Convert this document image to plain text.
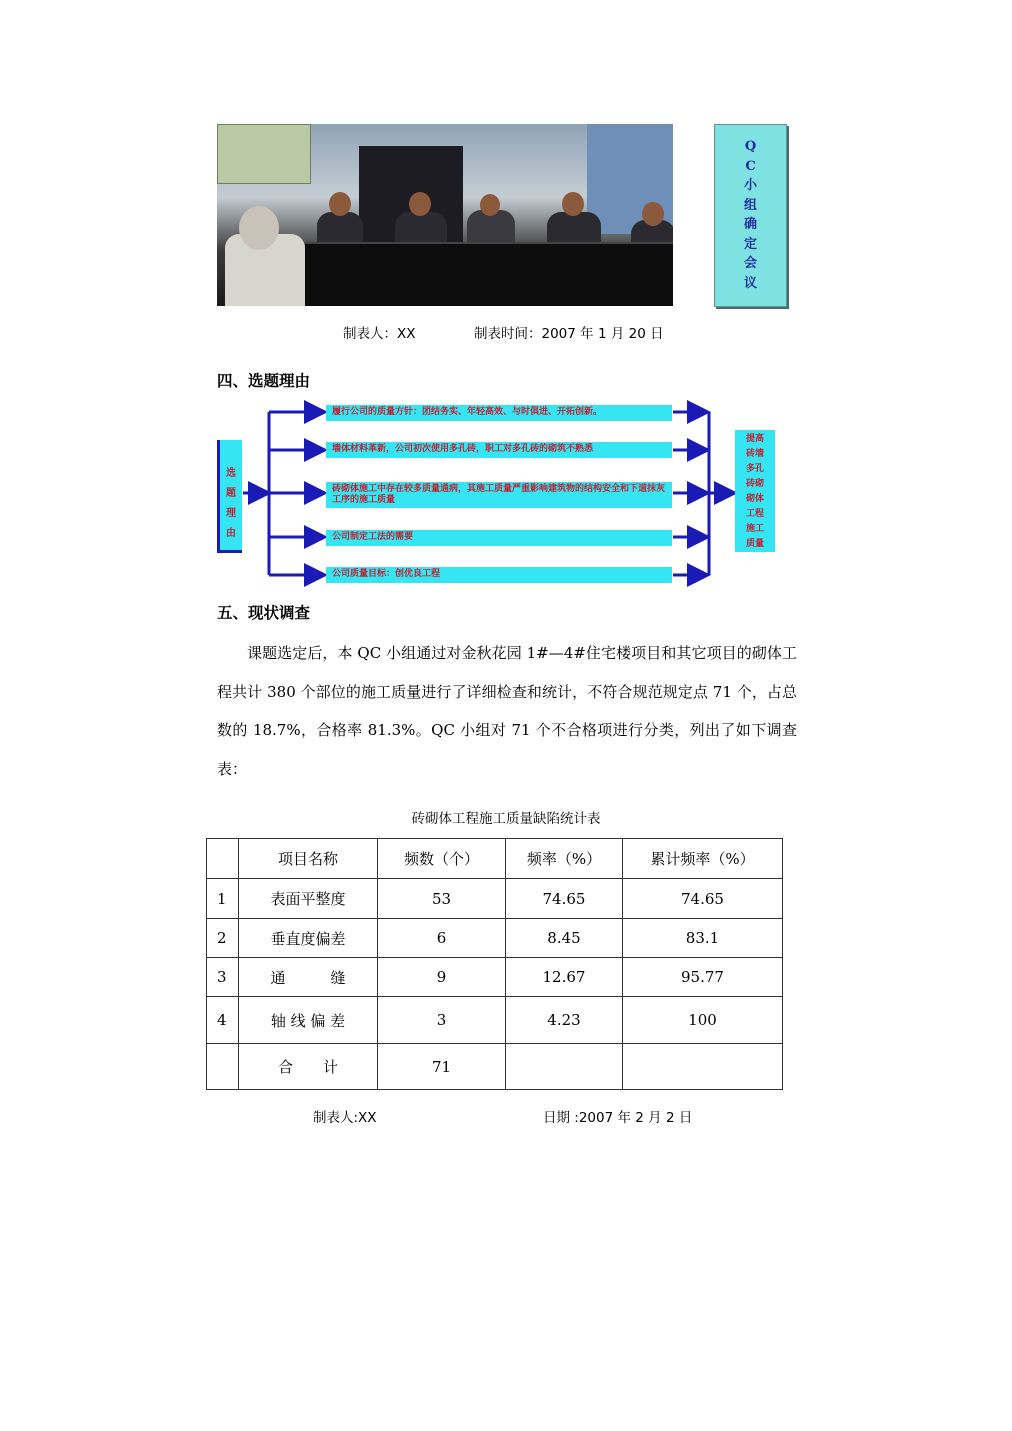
Q
C
小
组
确
定
会
议
制表人：XX	制表时间：2007 年 1 月 20 日
四、选题理由
选
题
理
由
履行公司的质量方针：团结务实、年轻高效、与时俱进、开拓创新。
墙体材料革新，公司初次使用多孔砖，职工对多孔砖的砌筑不熟悉
砖砌体施工中存在较多质量通病，其施工质量严重影响建筑物的结构安全和下道抹灰工序的施工质量
公司制定工法的需要
公司质量目标：创优良工程
提高
砖墙
多孔
砖砌
砌体
工程
施工
质量
五、现状调查
课题选定后，本 QC 小组通过对金秋花园 1#—4#住宅楼项目和其它项目的砌体工程共计 380 个部位的施工质量进行了详细检查和统计，不符合规范规定点 71 个，占总数的 18.7%，合格率 81.3%。QC 小组对 71 个不合格项进行分类，列出了如下调查表：
砖砌体工程施工质量缺陷统计表
	项目名称	频数（个）	频率（%）	累计频率（%）
1	表面平整度	53	74.65	74.65
2	垂直度偏差	6	8.45	83.1
3	通　　　缝	9	12.67	95.77
4	轴 线 偏 差	3	4.23	100
	合　　计	71		
制表人:XX	日期 :2007 年 2 月 2 日
